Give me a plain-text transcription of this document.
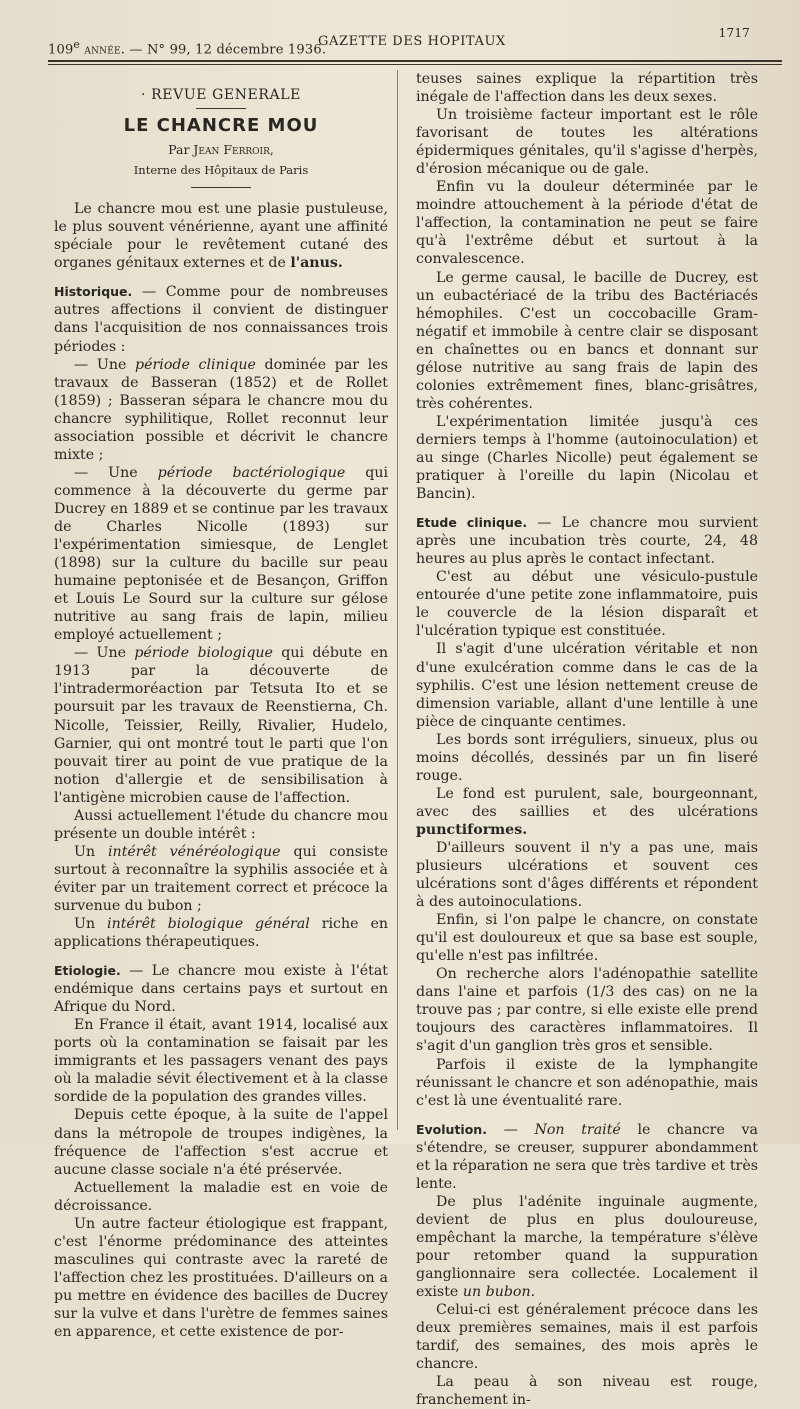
109e année. — N° 99, 12 décembre 1936.
GAZETTE DES HOPITAUX
1717
· REVUE GENERALE
LE CHANCRE MOU
Par Jean Ferroir,
Interne des Hôpitaux de Paris

Le chancre mou est une plasie pustuleuse, le plus souvent vénérienne, ayant une affinité spéciale pour le revêtement cutané des organes génitaux externes et de l'anus.

Historique. — Comme pour de nombreuses autres affections il convient de distinguer dans l'acquisition de nos connaissances trois périodes :

— Une période clinique dominée par les travaux de Basseran (1852) et de Rollet (1859) ; Basseran sépara le chancre mou du chancre syphilitique, Rollet reconnut leur association possible et décrivit le chancre mixte ;

— Une période bactériologique qui commence à la découverte du germe par Ducrey en 1889 et se continue par les travaux de Charles Nicolle (1893) sur l'expérimentation simiesque, de Lenglet (1898) sur la culture du bacille sur peau humaine peptonisée et de Besançon, Griffon et Louis Le Sourd sur la culture sur gélose nutritive au sang frais de lapin, milieu employé actuellement ;

— Une période biologique qui débute en 1913 par la découverte de l'intradermoréaction par Tetsuta Ito et se poursuit par les travaux de Reenstierna, Ch. Nicolle, Teissier, Reilly, Rivalier, Hudelo, Garnier, qui ont montré tout le parti que l'on pouvait tirer au point de vue pratique de la notion d'allergie et de sensibilisation à l'antigène microbien cause de l'affection.

Aussi actuellement l'étude du chancre mou présente un double intérêt :

Un intérêt vénéréologique qui consiste surtout à reconnaître la syphilis associée et à éviter par un traitement correct et précoce la survenue du bubon ;

Un intérêt biologique général riche en applications thérapeutiques.

Etiologie. — Le chancre mou existe à l'état endémique dans certains pays et surtout en Afrique du Nord.

En France il était, avant 1914, localisé aux ports où la contamination se faisait par les immigrants et les passagers venant des pays où la maladie sévit électivement et à la classe sordide de la population des grandes villes.

Depuis cette époque, à la suite de l'appel dans la métropole de troupes indigènes, la fréquence de l'affection s'est accrue et aucune classe sociale n'a été préservée.

Actuellement la maladie est en voie de décroissance.

Un autre facteur étiologique est frappant, c'est l'énorme prédominance des atteintes masculines qui contraste avec la rareté de l'affection chez les prostituées. D'ailleurs on a pu mettre en évidence des bacilles de Ducrey sur la vulve et dans l'urètre de femmes saines en apparence, et cette existence de por-

teuses saines explique la répartition très inégale de l'affection dans les deux sexes.

Un troisième facteur important est le rôle favorisant de toutes les altérations épidermiques génitales, qu'il s'agisse d'herpès, d'érosion mécanique ou de gale.

Enfin vu la douleur déterminée par le moindre attouchement à la période d'état de l'affection, la contamination ne peut se faire qu'à l'extrême début et surtout à la convalescence.

Le germe causal, le bacille de Ducrey, est un eubactériacé de la tribu des Bactériacés hémophiles. C'est un coccobacille Gram-négatif et immobile à centre clair se disposant en chaînettes ou en bancs et donnant sur gélose nutritive au sang frais de lapin des colonies extrêmement fines, blanc-grisâtres, très cohérentes.

L'expérimentation limitée jusqu'à ces derniers temps à l'homme (autoinoculation) et au singe (Charles Nicolle) peut également se pratiquer à l'oreille du lapin (Nicolau et Bancin).

Etude clinique. — Le chancre mou survient après une incubation très courte, 24, 48 heures au plus après le contact infectant.

C'est au début une vésiculo-pustule entourée d'une petite zone inflammatoire, puis le couvercle de la lésion disparaît et l'ulcération typique est constituée.

Il s'agit d'une ulcération véritable et non d'une exulcération comme dans le cas de la syphilis. C'est une lésion nettement creuse de dimension variable, allant d'une lentille à une pièce de cinquante centimes.

Les bords sont irréguliers, sinueux, plus ou moins décollés, dessinés par un fin liseré rouge.

Le fond est purulent, sale, bourgeonnant, avec des saillies et des ulcérations punctiformes.

D'ailleurs souvent il n'y a pas une, mais plusieurs ulcérations et souvent ces ulcérations sont d'âges différents et répondent à des autoinoculations.

Enfin, si l'on palpe le chancre, on constate qu'il est douloureux et que sa base est souple, qu'elle n'est pas infiltrée.

On recherche alors l'adénopathie satellite dans l'aine et parfois (1/3 des cas) on ne la trouve pas ; par contre, si elle existe elle prend toujours des caractères inflammatoires. Il s'agit d'un ganglion très gros et sensible.

Parfois il existe de la lymphangite réunissant le chancre et son adénopathie, mais c'est là une éventualité rare.

Evolution. — Non traité le chancre va s'étendre, se creuser, suppurer abondamment et la réparation ne sera que très tardive et très lente.

De plus l'adénite inguinale augmente, devient de plus en plus douloureuse, empêchant la marche, la température s'élève pour retomber quand la suppuration ganglionnaire sera collectée. Localement il existe un bubon.

Celui-ci est généralement précoce dans les deux premières semaines, mais il est parfois tardif, des semaines, des mois après le chancre.

La peau à son niveau est rouge, franchement in-
